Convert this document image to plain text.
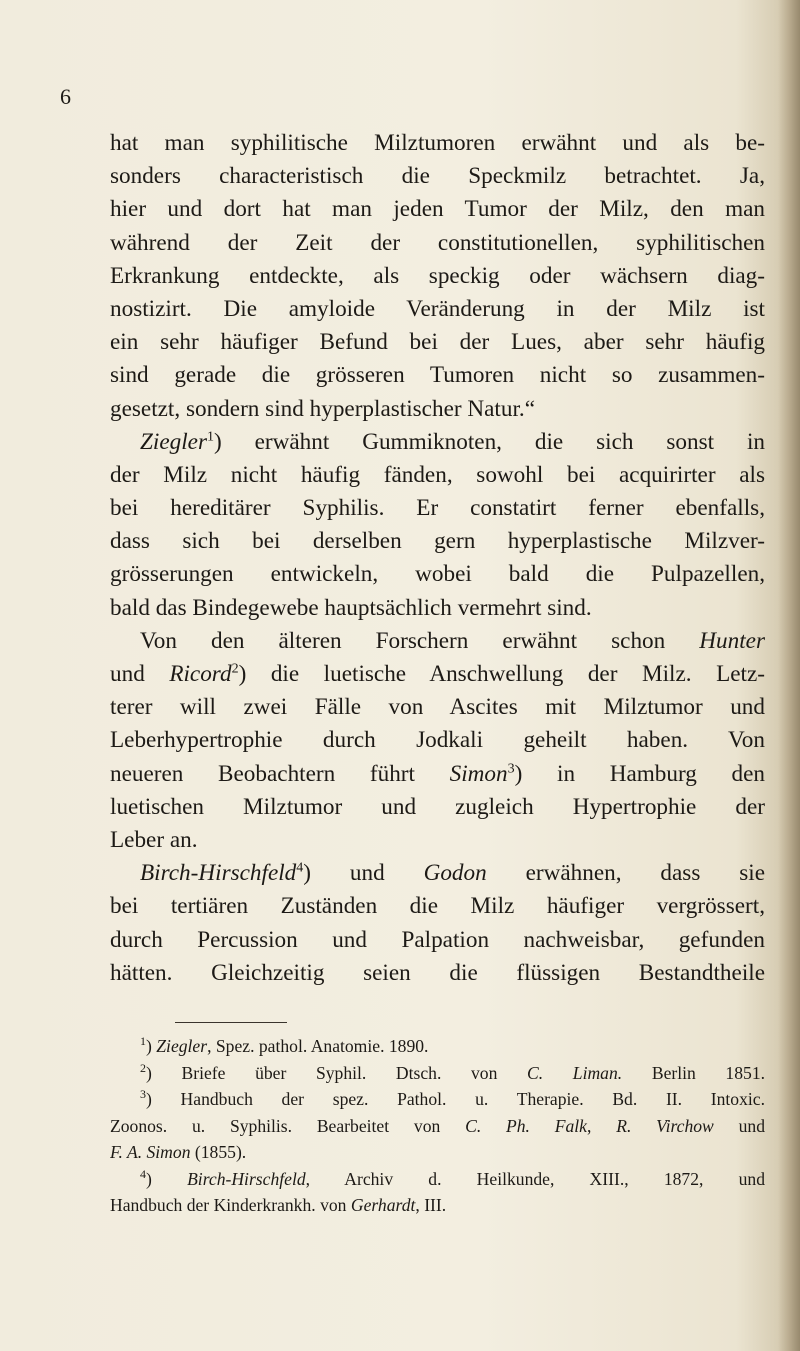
6
hat man syphilitische Milztumoren erwähnt und als be-
sonders characteristisch die Speckmilz betrachtet. Ja,
hier und dort hat man jeden Tumor der Milz, den man
während der Zeit der constitutionellen, syphilitischen
Erkrankung entdeckte, als speckig oder wächsern diag-
nostizirt. Die amyloide Veränderung in der Milz ist
ein sehr häufiger Befund bei der Lues, aber sehr häufig
sind gerade die grösseren Tumoren nicht so zusammen-
gesetzt, sondern sind hyperplastischer Natur.“
Ziegler$^1$) erwähnt Gummiknoten, die sich sonst in
der Milz nicht häufig fänden, sowohl bei acquirirter als
bei hereditärer Syphilis. Er constatirt ferner ebenfalls,
dass sich bei derselben gern hyperplastische Milzver-
grösserungen entwickeln, wobei bald die Pulpazellen,
bald das Bindegewebe hauptsächlich vermehrt sind.
Von den älteren Forschern erwähnt schon Hunter
und Ricord$^2$) die luetische Anschwellung der Milz. Letz-
terer will zwei Fälle von Ascites mit Milztumor und
Leberhypertrophie durch Jodkali geheilt haben. Von
neueren Beobachtern führt Simon$^3$) in Hamburg den
luetischen Milztumor und zugleich Hypertrophie der
Leber an.
Birch-Hirschfeld$^4$) und Godon erwähnen, dass sie
bei tertiären Zuständen die Milz häufiger vergrössert,
durch Percussion und Palpation nachweisbar, gefunden
hätten. Gleichzeitig seien die flüssigen Bestandtheile
$^1$) Ziegler, Spez. pathol. Anatomie. 1890.
$^2$) Briefe über Syphil. Dtsch. von C. Liman. Berlin 1851.
$^3$) Handbuch der spez. Pathol. u. Therapie. Bd. II. Intoxic.
Zoonos. u. Syphilis. Bearbeitet von C. Ph. Falk, R. Virchow und
F. A. Simon (1855).
$^4$) Birch-Hirschfeld, Archiv d. Heilkunde, XIII., 1872, und
Handbuch der Kinderkrankh. von Gerhardt, III.
